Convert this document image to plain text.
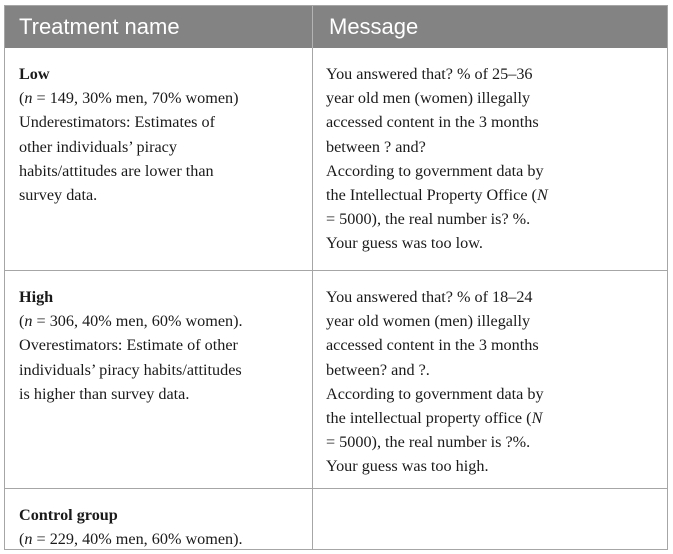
Treatment name	Message
Low
(n = 149, 30% men, 70% women)
Underestimators: Estimates of
other individuals’ piracy
habits/attitudes are lower than
survey data.
You answered that? % of 25–36
year old men (women) illegally
accessed content in the 3 months
between ? and?
According to government data by
the Intellectual Property Office (N
= 5000), the real number is? %.
Your guess was too low.
High
(n = 306, 40% men, 60% women).
Overestimators: Estimate of other
individuals’ piracy habits/attitudes
is higher than survey data.
You answered that? % of 18–24
year old women (men) illegally
accessed content in the 3 months
between? and ?.
According to government data by
the intellectual property office (N
= 5000), the real number is ?%.
Your guess was too high.
Control group
(n = 229, 40% men, 60% women).
